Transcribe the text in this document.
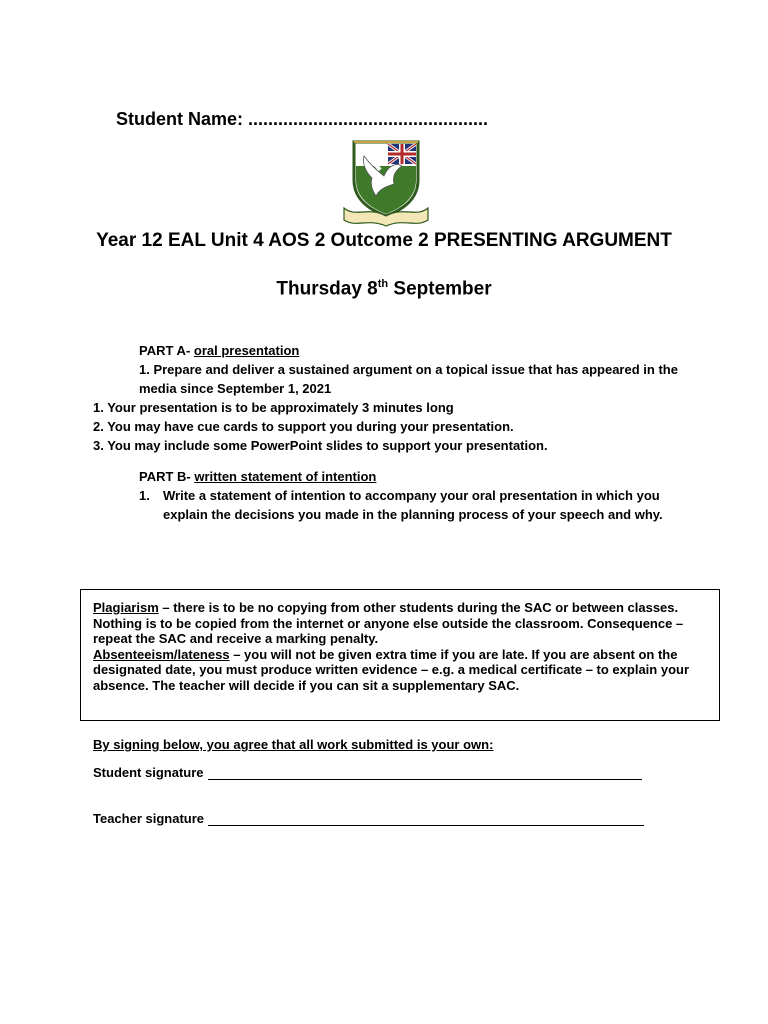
Student Name: ................................................
Year 12 EAL Unit 4 AOS 2 Outcome 2 PRESENTING ARGUMENT
Thursday 8th September
PART A- oral presentation
1. Prepare and deliver a sustained argument on a topical issue that has appeared in the media since September 1, 2021
1. Your presentation is to be approximately 3 minutes long
2. You may have cue cards to support you during your presentation.
3. You may include some PowerPoint slides to support your presentation.
PART B- written statement of intention
1. Write a statement of intention to accompany your oral presentation in which you explain the decisions you made in the planning process of your speech and why.
Plagiarism – there is to be no copying from other students during the SAC or between classes. Nothing is to be copied from the internet or anyone else outside the classroom. Consequence – repeat the SAC and receive a marking penalty.
Absenteeism/lateness – you will not be given extra time if you are late. If you are absent on the designated date, you must produce written evidence – e.g. a medical certificate – to explain your absence. The teacher will decide if you can sit a supplementary SAC.
By signing below, you agree that all work submitted is your own:
Student signature
Teacher signature
